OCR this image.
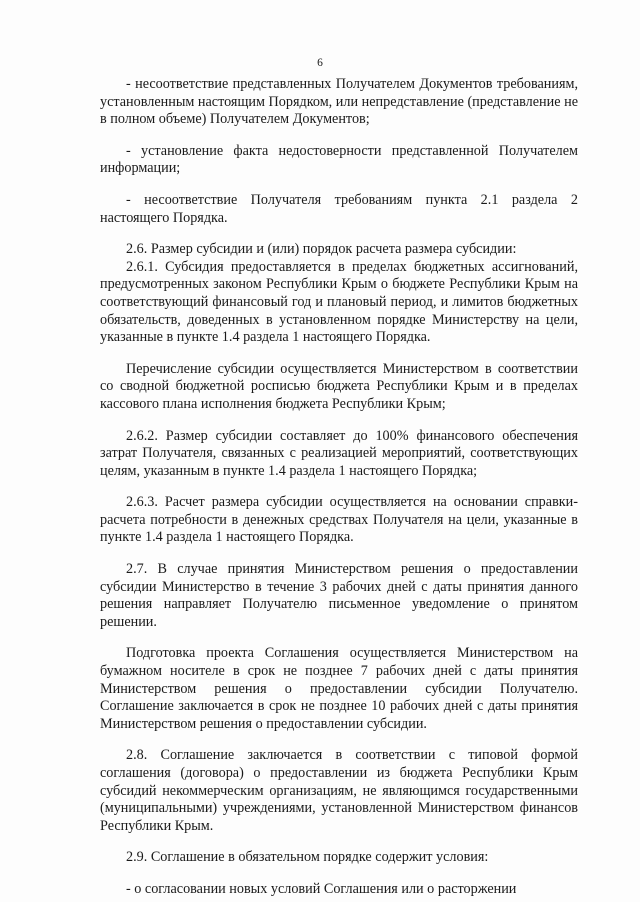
6

- несоответствие представленных Получателем Документов требованиям, установленным настоящим Порядком, или непредставление (представление не в полном объеме) Получателем Документов;

- установление факта недостоверности представленной Получателем информации;

- несоответствие Получателя требованиям пункта 2.1 раздела 2 настоящего Порядка.

2.6. Размер субсидии и (или) порядок расчета размера субсидии:

2.6.1. Субсидия предоставляется в пределах бюджетных ассигнований, предусмотренных законом Республики Крым о бюджете Республики Крым на соответствующий финансовый год и плановый период, и лимитов бюджетных обязательств, доведенных в установленном порядке Министерству на цели, указанные в пункте 1.4 раздела 1 настоящего Порядка.

Перечисление субсидии осуществляется Министерством в соответствии со сводной бюджетной росписью бюджета Республики Крым и в пределах кассового плана исполнения бюджета Республики Крым;

2.6.2. Размер субсидии составляет до 100% финансового обеспечения затрат Получателя, связанных с реализацией мероприятий, соответствующих целям, указанным в пункте 1.4 раздела 1 настоящего Порядка;

2.6.3. Расчет размера субсидии осуществляется на основании справки-расчета потребности в денежных средствах Получателя на цели, указанные в пункте 1.4 раздела 1 настоящего Порядка.

2.7. В случае принятия Министерством решения о предоставлении субсидии Министерство в течение 3 рабочих дней с даты принятия данного решения направляет Получателю письменное уведомление о принятом решении.

Подготовка проекта Соглашения осуществляется Министерством на бумажном носителе в срок не позднее 7 рабочих дней с даты принятия Министерством решения о предоставлении субсидии Получателю. Соглашение заключается в срок не позднее 10 рабочих дней с даты принятия Министерством решения о предоставлении субсидии.

2.8. Соглашение заключается в соответствии с типовой формой соглашения (договора) о предоставлении из бюджета Республики Крым субсидий некоммерческим организациям, не являющимся государственными (муниципальными) учреждениями, установленной Министерством финансов Республики Крым.

2.9. Соглашение в обязательном порядке содержит условия:

- о согласовании новых условий Соглашения или о расторжении
